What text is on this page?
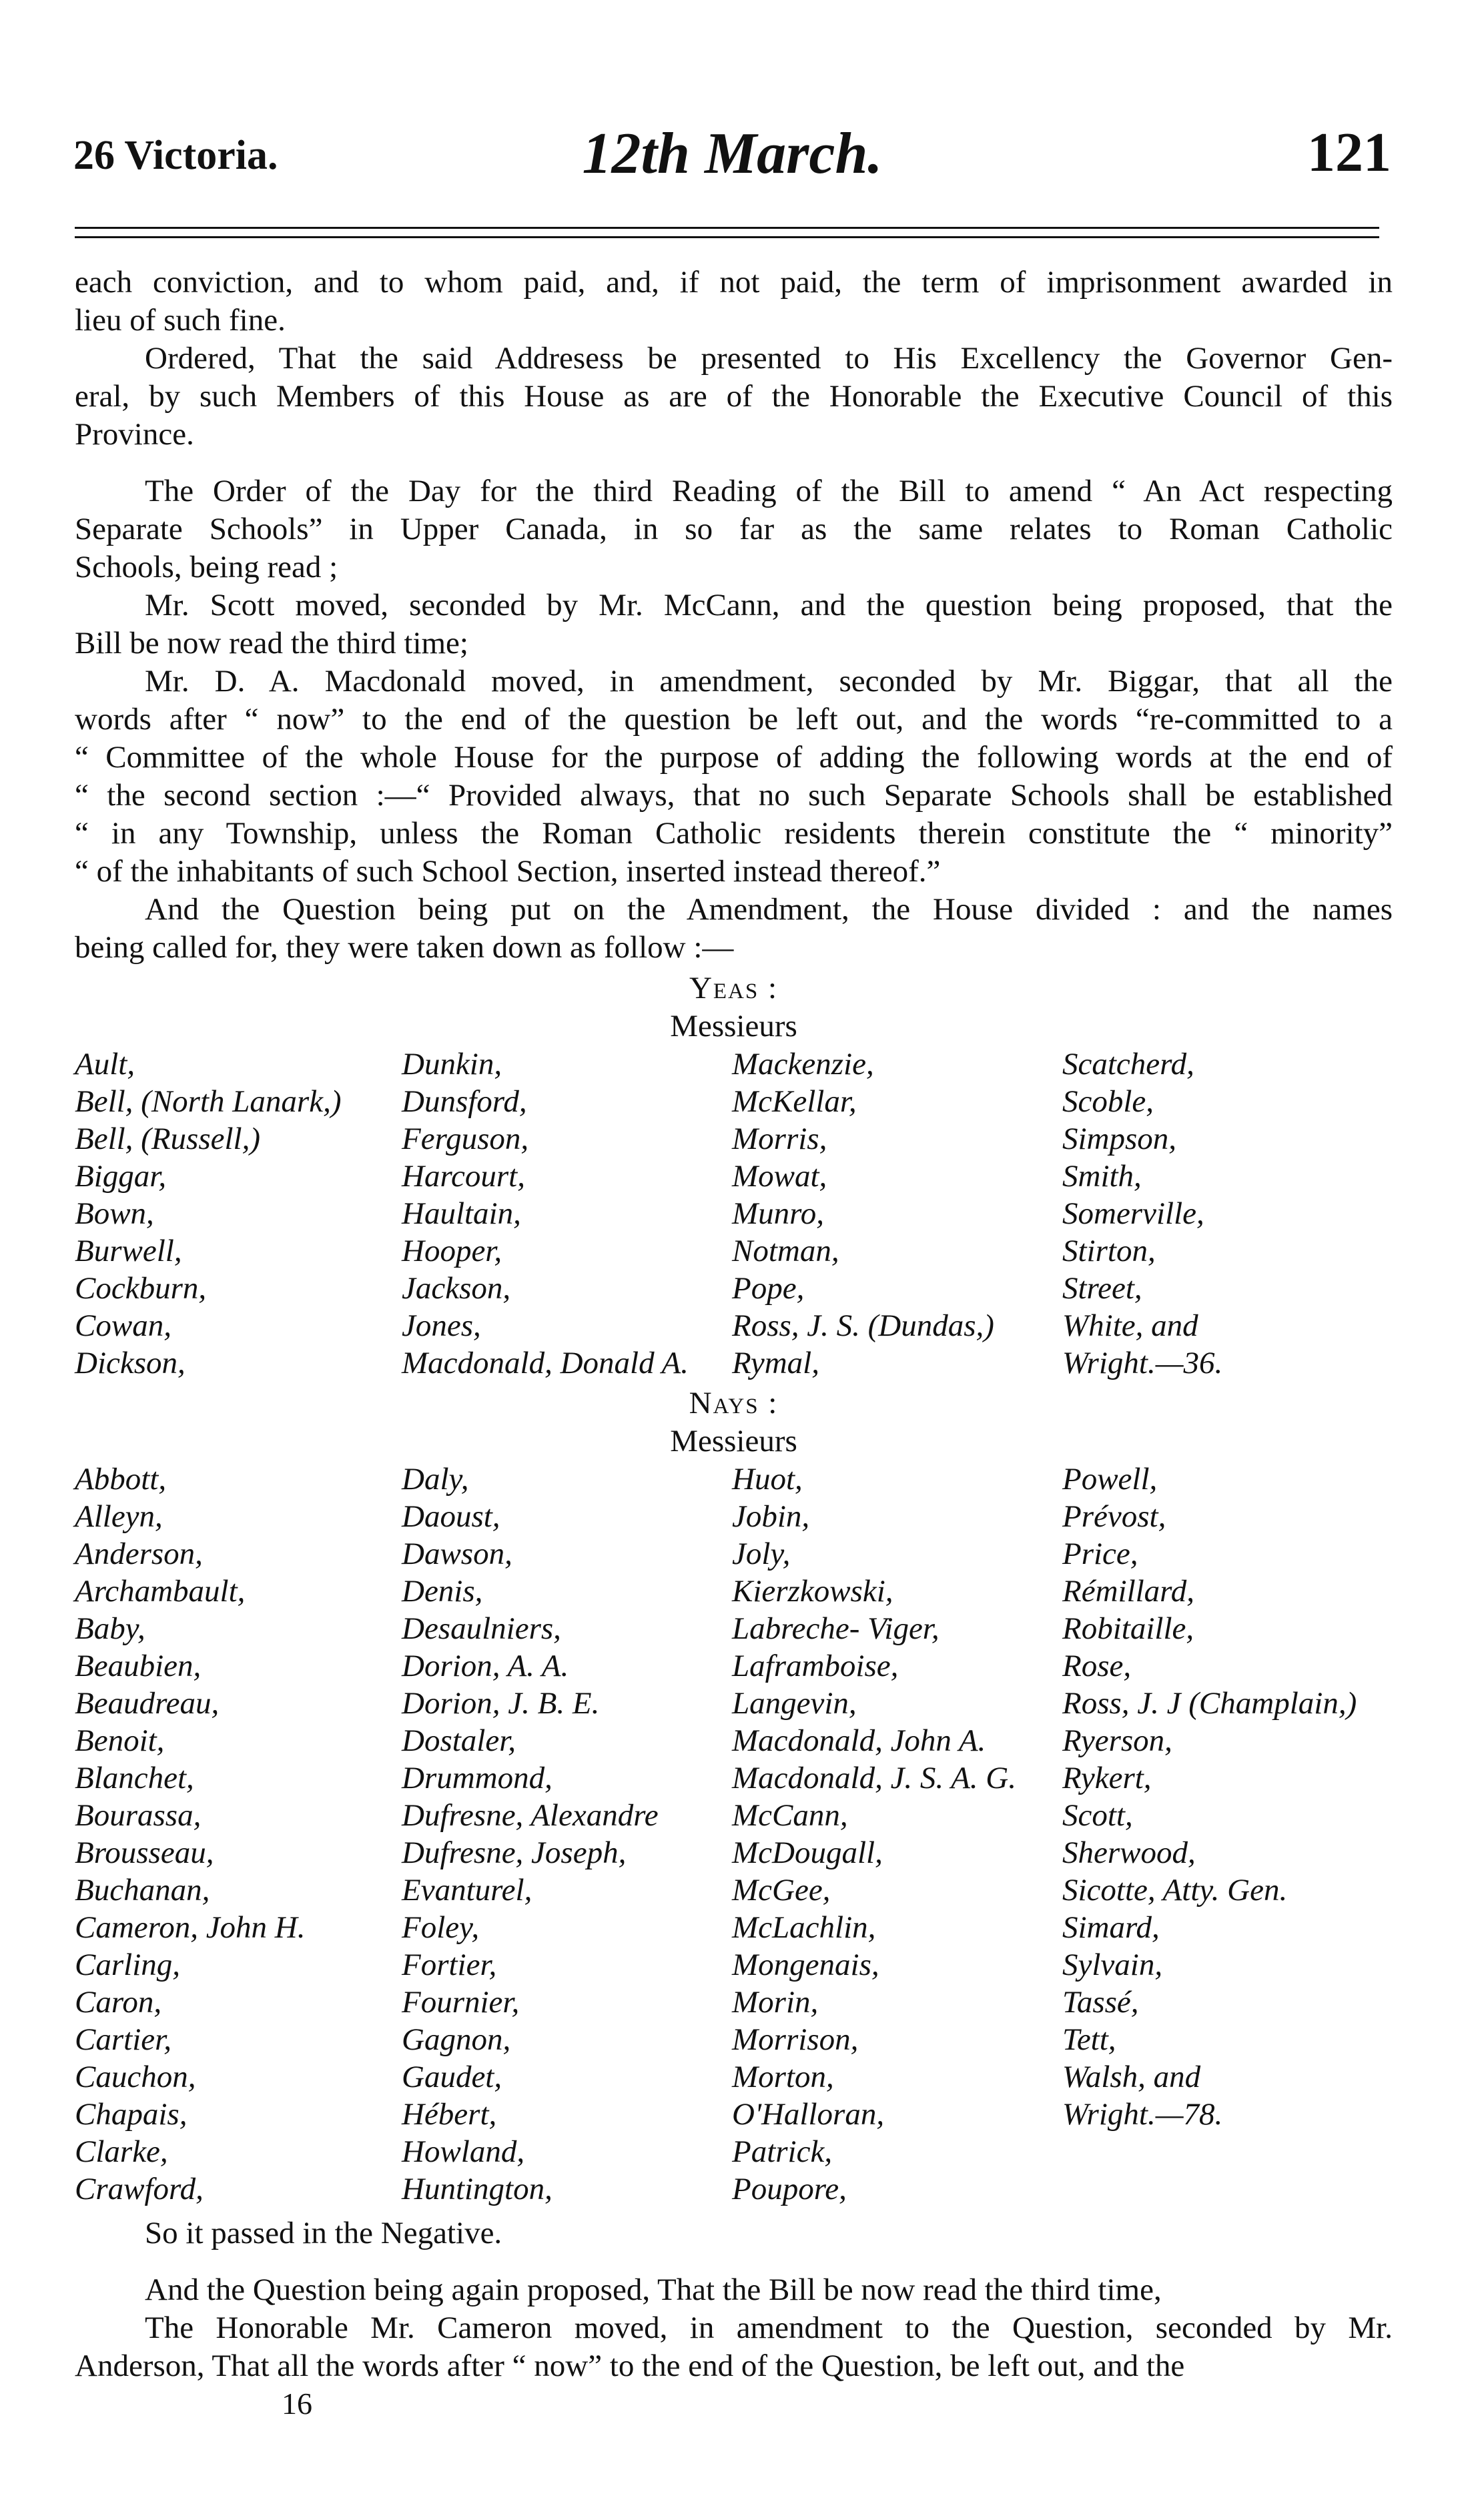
26 Victoria.	12th March.	121
each conviction, and to whom paid, and, if not paid, the term of imprisonment awarded in
lieu of such fine.
Ordered, That the said Addresess be presented to His Excellency the Governor Gen-
eral, by such Members of this House as are of the Honorable the Executive Council of this
Province.
The Order of the Day for the third Reading of the Bill to amend “ An Act respecting
Separate Schools” in Upper Canada, in so far as the same relates to Roman Catholic
Schools, being read ;
Mr. Scott moved, seconded by Mr. McCann, and the question being proposed, that the
Bill be now read the third time;
Mr. D. A. Macdonald moved, in amendment, seconded by Mr. Biggar, that all the
words after “ now” to the end of the question be left out, and the words “re-committed to a
“ Committee of the whole House for the purpose of adding the following words at the end of
“ the second section :—“ Provided always, that no such Separate Schools shall be established
“ in any Township, unless the Roman Catholic residents therein constitute the “ minority”
“ of the inhabitants of such School Section, inserted instead thereof.”
And the Question being put on the Amendment, the House divided : and the names
being called for, they were taken down as follow :—
Yeas :
Messieurs
Ault,	Dunkin,	Mackenzie,	Scatcherd,
Bell, (North Lanark,)	Dunsford,	McKellar,	Scoble,
Bell, (Russell,)	Ferguson,	Morris,	Simpson,
Biggar,	Harcourt,	Mowat,	Smith,
Bown,	Haultain,	Munro,	Somerville,
Burwell,	Hooper,	Notman,	Stirton,
Cockburn,	Jackson,	Pope,	Street,
Cowan,	Jones,	Ross, J. S. (Dundas,)	White, and
Dickson,	Macdonald, Donald A.	Rymal,	Wright.—36.
Nays :
Messieurs
Abbott,	Daly,	Huot,	Powell,
Alleyn,	Daoust,	Jobin,	Prévost,
Anderson,	Dawson,	Joly,	Price,
Archambault,	Denis,	Kierzkowski,	Rémillard,
Baby,	Desaulniers,	Labreche- Viger,	Robitaille,
Beaubien,	Dorion, A. A.	Laframboise,	Rose,
Beaudreau,	Dorion, J. B. E.	Langevin,	Ross, J. J (Champlain,)
Benoit,	Dostaler,	Macdonald, John A.	Ryerson,
Blanchet,	Drummond,	Macdonald, J. S. A. G.	Rykert,
Bourassa,	Dufresne, Alexandre	McCann,	Scott,
Brousseau,	Dufresne, Joseph,	McDougall,	Sherwood,
Buchanan,	Evanturel,	McGee,	Sicotte, Atty. Gen.
Cameron, John H.	Foley,	McLachlin,	Simard,
Carling,	Fortier,	Mongenais,	Sylvain,
Caron,	Fournier,	Morin,	Tassé,
Cartier,	Gagnon,	Morrison,	Tett,
Cauchon,	Gaudet,	Morton,	Walsh, and
Chapais,	Hébert,	O'Halloran,	Wright.—78.
Clarke,	Howland,	Patrick,
Crawford,	Huntington,	Poupore,
So it passed in the Negative.
And the Question being again proposed, That the Bill be now read the third time,
The Honorable Mr. Cameron moved, in amendment to the Question, seconded by Mr.
Anderson, That all the words after “ now” to the end of the Question, be left out, and the
16
